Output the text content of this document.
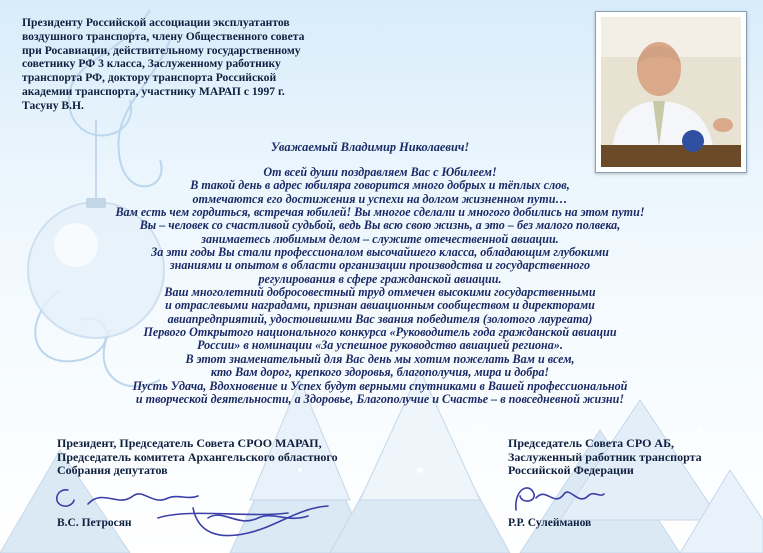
Президенту Российской ассоциации эксплуатантов
воздушного транспорта, члену Общественного совета
при Росавиации, действительному государственному
советнику РФ 3 класса, Заслуженному работнику
транспорта РФ, доктору транспорта Российской
академии транспорта, участнику МАРАП с 1997 г.
Тасуну В.Н.
Уважаемый Владимир Николаевич!
От всей души поздравляем Вас с Юбилеем!
В такой день в адрес юбиляра говорится много добрых и тёплых слов,
отмечаются его достижения и успехи на долгом жизненном пути…
Вам есть чем гордиться, встречая юбилей! Вы многое сделали и многого добились на этом пути!
Вы – человек со счастливой судьбой, ведь Вы всю свою жизнь, а это – без малого полвека,
занимаетесь любимым делом – служите отечественной авиации.
За эти годы Вы стали профессионалом высочайшего класса, обладающим глубокими
знаниями и опытом в области организации производства и государственного
регулирования в сфере гражданской авиации.
Ваш многолетний добросовестный труд отмечен высокими государственными
и отраслевыми наградами, признан авиационным сообществом и директорами
авиапредприятий, удостоившими Вас звания победителя (золотого лауреата)
Первого Открытого национального конкурса «Руководитель года гражданской авиации
России» в номинации «За успешное руководство авиацией региона».
В этот знаменательный для Вас день мы хотим пожелать Вам и всем,
кто Вам дорог, крепкого здоровья, благополучия, мира и добра!
Пусть Удача, Вдохновение и Успех будут верными спутниками в Вашей профессиональной
и творческой деятельности, а Здоровье, Благополучие и Счастье – в повседневной жизни!
Президент, Председатель Совета СРОО МАРАП,
Председатель комитета Архангельского областного
Собрания депутатов
Председатель Совета СРО АБ,
Заслуженный работник транспорта
Российской Федерации
В.С. Петросян	Р.Р. Сулейманов
